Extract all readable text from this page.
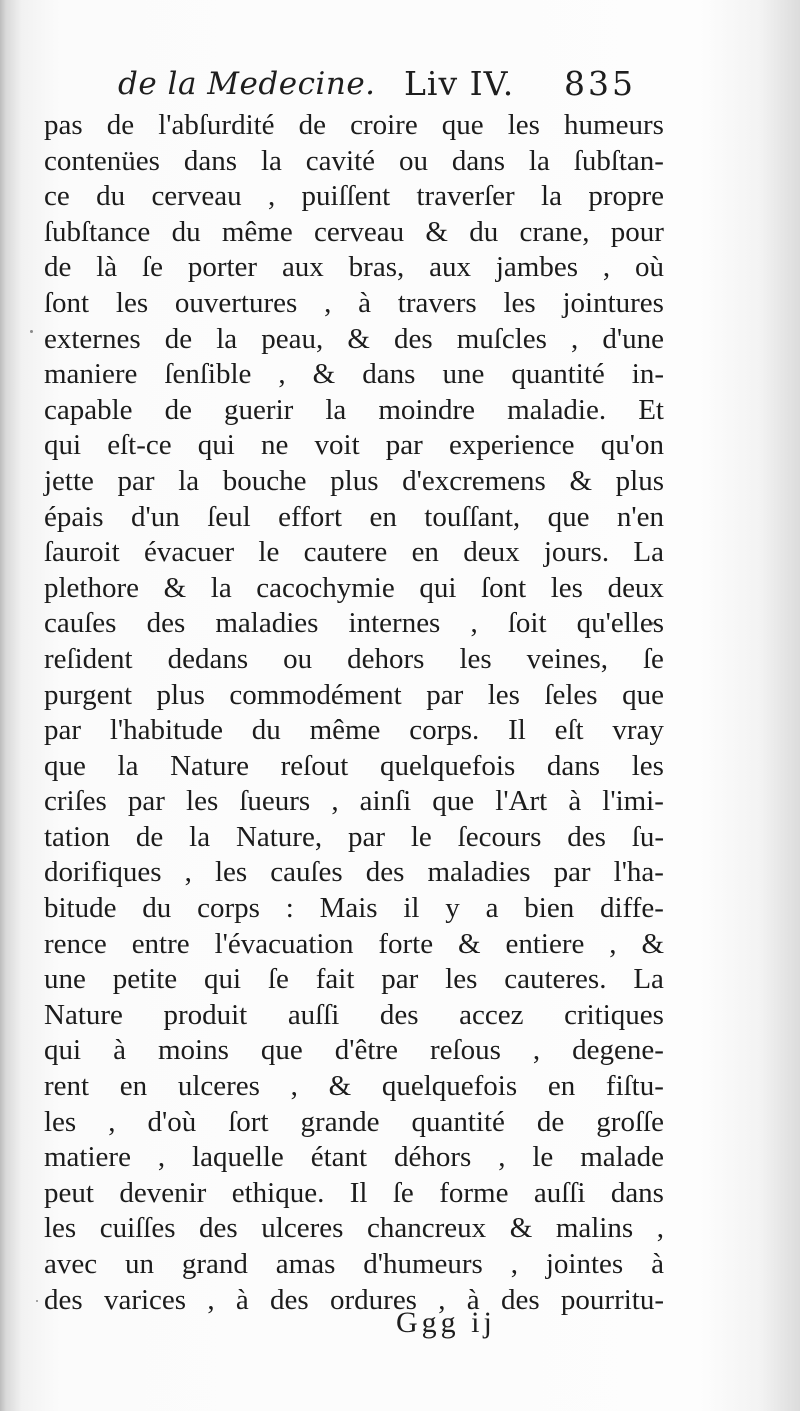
de la Medecine. Liv IV. 835
pas de l'abſurdité de croire que les humeurs
contenües dans la cavité ou dans la ſubſtan-
ce du cerveau , puiſſent traverſer la propre
ſubſtance du même cerveau & du crane, pour
de là ſe porter aux bras, aux jambes , où
ſont les ouvertures , à travers les jointures
externes de la peau, & des muſcles , d'une
maniere ſenſible , & dans une quantité in-
capable de guerir la moindre maladie. Et
qui eſt-ce qui ne voit par experience qu'on
jette par la bouche plus d'excremens & plus
épais d'un ſeul effort en touſſant, que n'en
ſauroit évacuer le cautere en deux jours. La
plethore & la cacochymie qui ſont les deux
cauſes des maladies internes , ſoit qu'elles
reſident dedans ou dehors les veines, ſe
purgent plus commodément par les ſeles que
par l'habitude du même corps. Il eſt vray
que la Nature reſout quelquefois dans les
criſes par les ſueurs , ainſi que l'Art à l'imi-
tation de la Nature, par le ſecours des ſu-
dorifiques , les cauſes des maladies par l'ha-
bitude du corps : Mais il y a bien diffe-
rence entre l'évacuation forte & entiere , &
une petite qui ſe fait par les cauteres. La
Nature produit auſſi des accez critiques
qui à moins que d'être reſous , degene-
rent en ulceres , & quelquefois en fiſtu-
les , d'où ſort grande quantité de groſſe
matiere , laquelle étant déhors , le malade
peut devenir ethique. Il ſe forme auſſi dans
les cuiſſes des ulceres chancreux & malins ,
avec un grand amas d'humeurs , jointes à
des varices , à des ordures , à des pourritu-
Ggg ij
